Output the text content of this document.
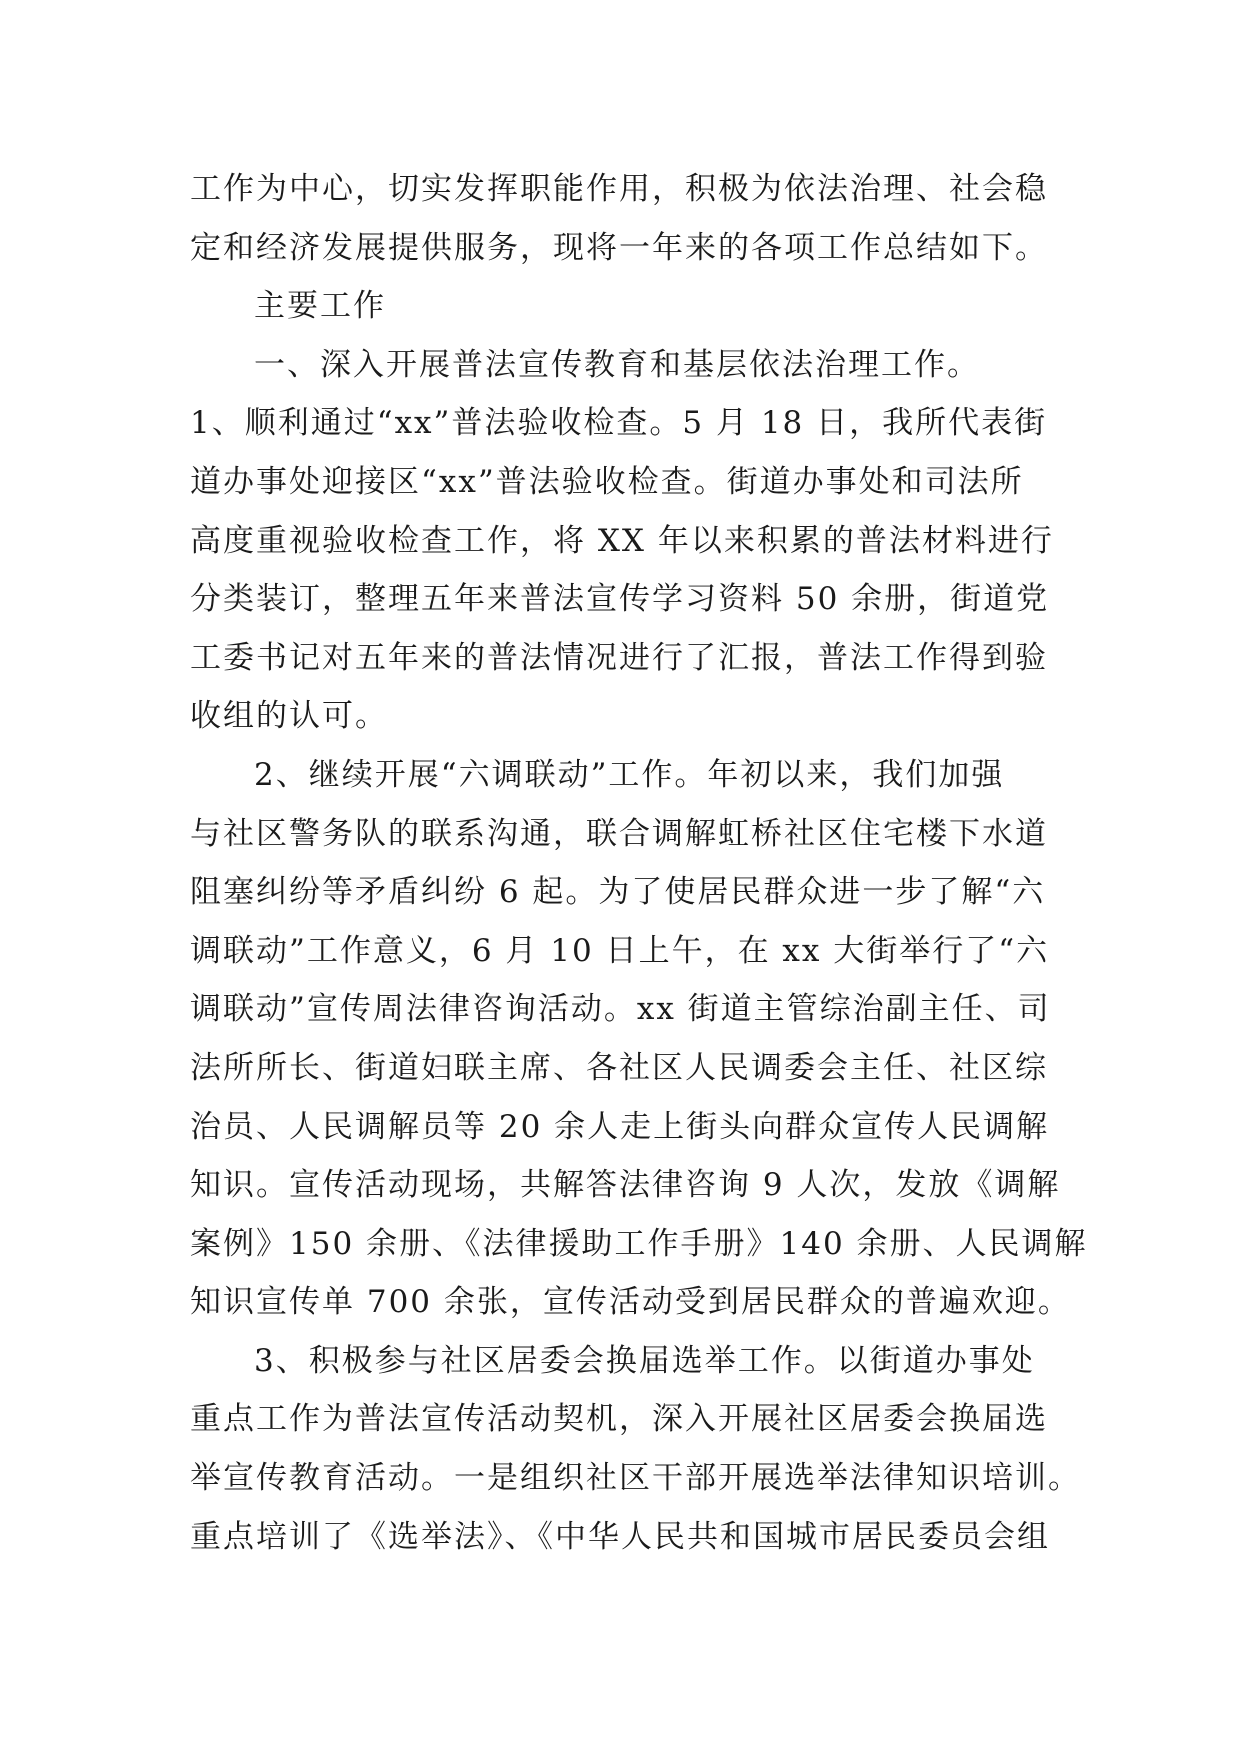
工作为中心，切实发挥职能作用，积极为依法治理、社会稳
定和经济发展提供服务，现将一年来的各项工作总结如下。
主要工作
一、深入开展普法宣传教育和基层依法治理工作。
1、顺利通过“xx”普法验收检查。5 月 18 日，我所代表街
道办事处迎接区“xx”普法验收检查。街道办事处和司法所
高度重视验收检查工作，将 XX 年以来积累的普法材料进行
分类装订，整理五年来普法宣传学习资料 50 余册，街道党
工委书记对五年来的普法情况进行了汇报，普法工作得到验
收组的认可。
2、继续开展“六调联动”工作。年初以来，我们加强
与社区警务队的联系沟通，联合调解虹桥社区住宅楼下水道
阻塞纠纷等矛盾纠纷 6 起。为了使居民群众进一步了解“六
调联动”工作意义，6 月 10 日上午，在 xx 大街举行了“六
调联动”宣传周法律咨询活动。xx 街道主管综治副主任、司
法所所长、街道妇联主席、各社区人民调委会主任、社区综
治员、人民调解员等 20 余人走上街头向群众宣传人民调解
知识。宣传活动现场，共解答法律咨询 9 人次，发放《调解
案例》150 余册、《法律援助工作手册》140 余册、人民调解
知识宣传单 700 余张，宣传活动受到居民群众的普遍欢迎。
3、积极参与社区居委会换届选举工作。以街道办事处
重点工作为普法宣传活动契机，深入开展社区居委会换届选
举宣传教育活动。一是组织社区干部开展选举法律知识培训。
重点培训了《选举法》、《中华人民共和国城市居民委员会组
